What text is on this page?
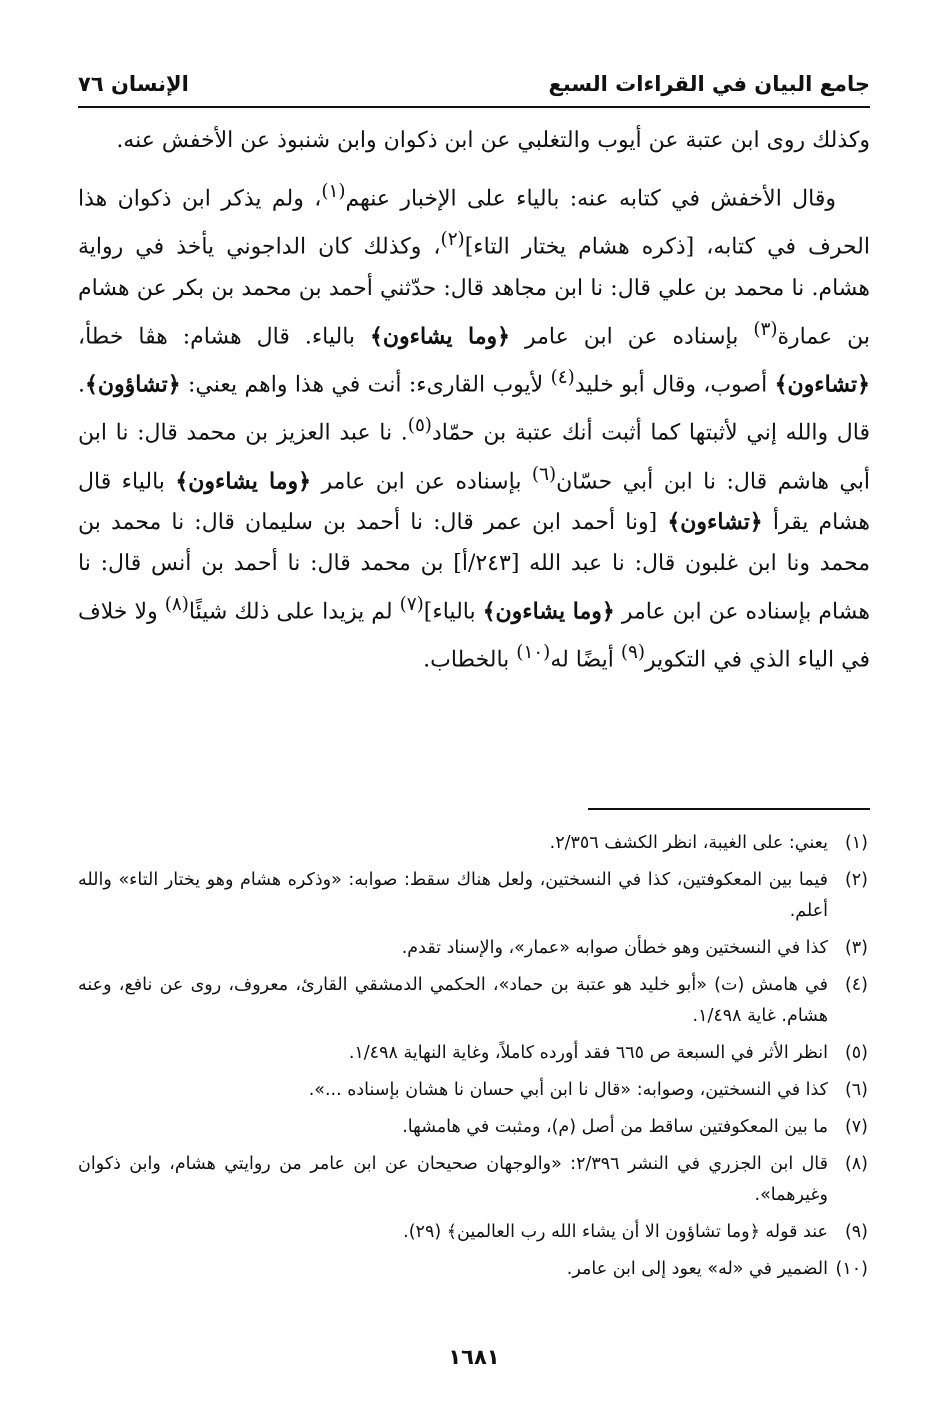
جامع البيان في القراءات السبع
الإنسان ٧٦

وكذلك روى ابن عتبة عن أيوب والتغلبي عن ابن ذكوان وابن شنبوذ عن الأخفش عنه.

وقال الأخفش في كتابه عنه: بالياء على الإخبار عنهم$^{(١)}$، ولم يذكر ابن ذكوان هذا الحرف في كتابه، [ذكره هشام يختار التاء]$^{(٢)}$، وكذلك كان الداجوني يأخذ في رواية هشام. نا محمد بن علي قال: نا ابن مجاهد قال: حدّثني أحمد بن محمد بن بكر عن هشام بن عمارة$^{(٣)}$ بإسناده عن ابن عامر ﴿وما يشاءون﴾ بالياء. قال هشام: هڤا خطأ، ﴿تشاءون﴾ أصوب، وقال أبو خليد$^{(٤)}$ لأيوب القارىء: أنت في هذا واهم يعني: ﴿تشاؤون﴾. قال والله إني لأثبتها كما أثبت أنك عتبة بن حمّاد$^{(٥)}$. نا عبد العزيز بن محمد قال: نا ابن أبي هاشم قال: نا ابن أبي حسّان$^{(٦)}$ بإسناده عن ابن عامر ﴿وما يشاءون﴾ بالياء قال هشام يقرأ ﴿تشاءون﴾ [ونا أحمد ابن عمر قال: نا أحمد بن سليمان قال: نا محمد بن محمد ونا ابن غلبون قال: نا عبد الله [٢٤٣/أ] بن محمد قال: نا أحمد بن أنس قال: نا هشام بإسناده عن ابن عامر ﴿وما يشاءون﴾ بالياء]$^{(٧)}$ لم يزيدا على ذلك شيئًا$^{(٨)}$ ولا خلاف في الياء الذي في التكوير$^{(٩)}$ أيضًا له$^{(١٠)}$ بالخطاب.

(١)
يعني: على الغيبة، انظر الكشف ٢/٣٥٦.
(٢)
فيما بين المعكوفتين، كذا في النسختين، ولعل هناك سقط: صوابه: «وذكره هشام وهو يختار التاء» والله أعلم.
(٣)
كذا في النسختين وهو خطأن صوابه «عمار»، والإسناد تقدم.
(٤)
في هامش (ت) «أبو خليد هو عتبة بن حماد»، الحكمي الدمشقي القارئ، معروف، روى عن نافع، وعنه هشام. غاية ١/٤٩٨.
(٥)
انظر الأثر في السبعة ص ٦٦٥ فقد أورده كاملاً، وغاية النهاية ١/٤٩٨.
(٦)
كذا في النسختين، وصوابه: «قال نا ابن أبي حسان نا هشان بإسناده ...».
(٧)
ما بين المعكوفتين ساقط من أصل (م)، ومثبت في هامشها.
(٨)
قال ابن الجزري في النشر ٢/٣٩٦: «والوجهان صحيحان عن ابن عامر من روايتي هشام، وابن ذكوان وغيرهما».
(٩)
عند قوله ﴿وما تشاؤون الا أن يشاء الله رب العالمين﴾ (٢٩).
(١٠)
الضمير في «له» يعود إلى ابن عامر.
١٦٨١
